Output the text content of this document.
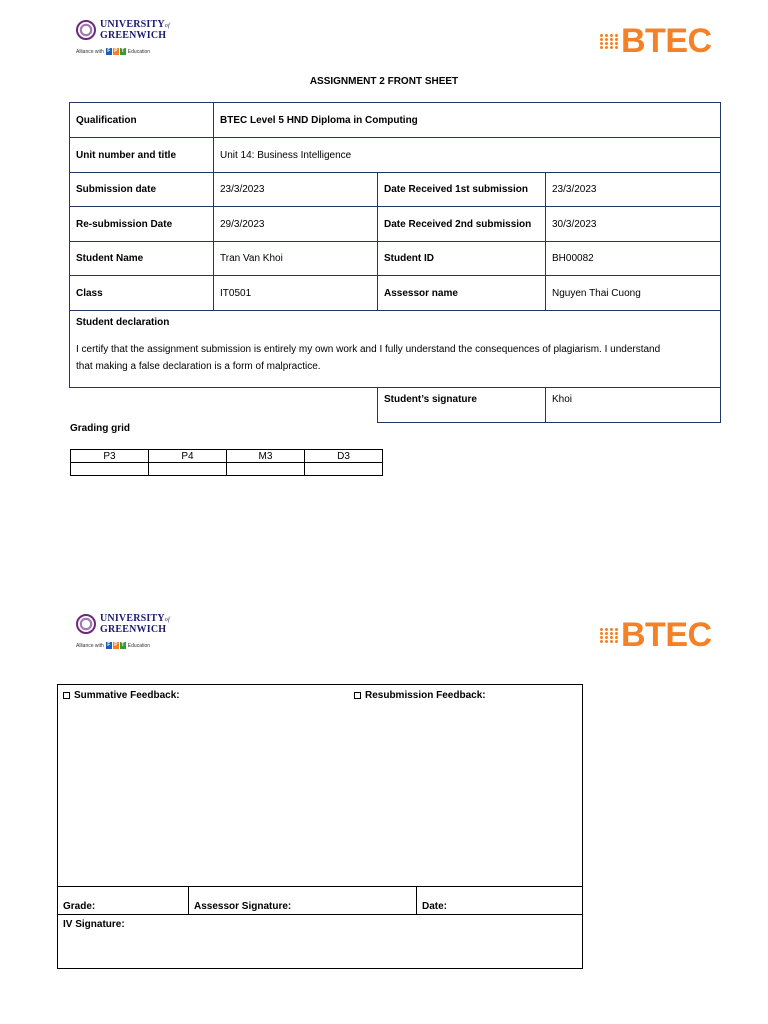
UNIVERSITYof
GREENWICH
Alliance with F P T Education	BTEC
ASSIGNMENT 2 FRONT SHEET
Qualification	BTEC Level 5 HND Diploma in Computing
Unit number and title	Unit 14: Business Intelligence
Submission date	23/3/2023	Date Received 1st submission	23/3/2023
Re-submission Date	29/3/2023	Date Received 2nd submission	30/3/2023
Student Name	Tran Van Khoi	Student ID	BH00082
Class	IT0501	Assessor name	Nguyen Thai Cuong
Student declaration
I certify that the assignment submission is entirely my own work and I fully understand the consequences of plagiarism. I understand
that making a false declaration is a form of malpractice.
Student’s signature	Khoi
Grading grid
P3	P4	M3	D3

UNIVERSITYof
GREENWICH
Alliance with F P T Education	BTEC
Summative Feedback:	Resubmission Feedback:
Grade:	Assessor Signature:	Date:
IV Signature:
